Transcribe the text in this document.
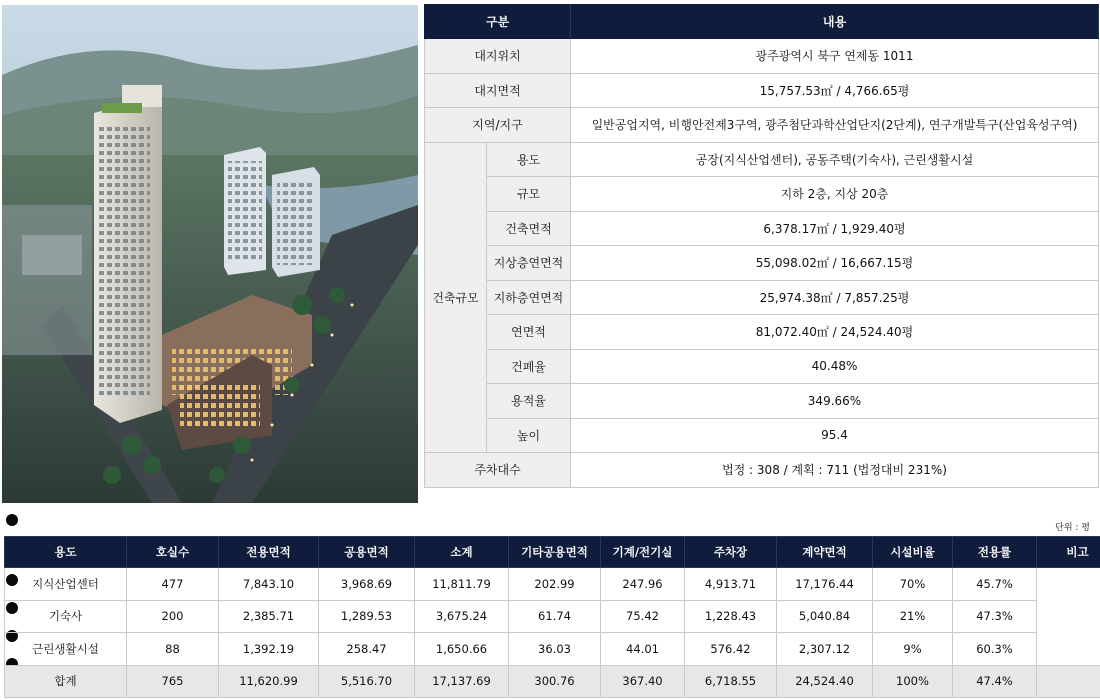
구분		내용
대지위치		광주광역시 북구 연제동 1011
대지면적		15,757.53㎡ / 4,766.65평
지역/지구		일반공업지역, 비행안전제3구역, 광주첨단과학산업단지(2단계), 연구개발특구(산업육성구역)
건축규모	용도	공장(지식산업센터), 공동주택(기숙사), 근린생활시설
	규모	지하 2층, 지상 20층
	건축면적	6,378.17㎡ / 1,929.40평
	지상층연면적	55,098.02㎡ / 16,667.15평
	지하층연면적	25,974.38㎡ / 7,857.25평
	연면적	81,072.40㎡ / 24,524.40평
	건폐율	40.48%
	용적율	349.66%
	높이	95.4
주차대수		법정 : 308 / 계획 : 711 (법정대비 231%)
단위 : 평
용도	호실수	전용면적	공용면적	소계	기타공용면적	기계/전기실	주차장	계약면적	시설비율	전용률	비고
지식산업센터	477	7,843.10	3,968.69	11,811.79	202.99	247.96	4,913.71	17,176.44	70%	45.7%	
기숙사	200	2,385.71	1,289.53	3,675.24	61.74	75.42	1,228.43	5,040.84	21%	47.3%	
근린생활시설	88	1,392.19	258.47	1,650.66	36.03	44.01	576.42	2,307.12	9%	60.3%	
합계	765	11,620.99	5,516.70	17,137.69	300.76	367.40	6,718.55	24,524.40	100%	47.4%	
